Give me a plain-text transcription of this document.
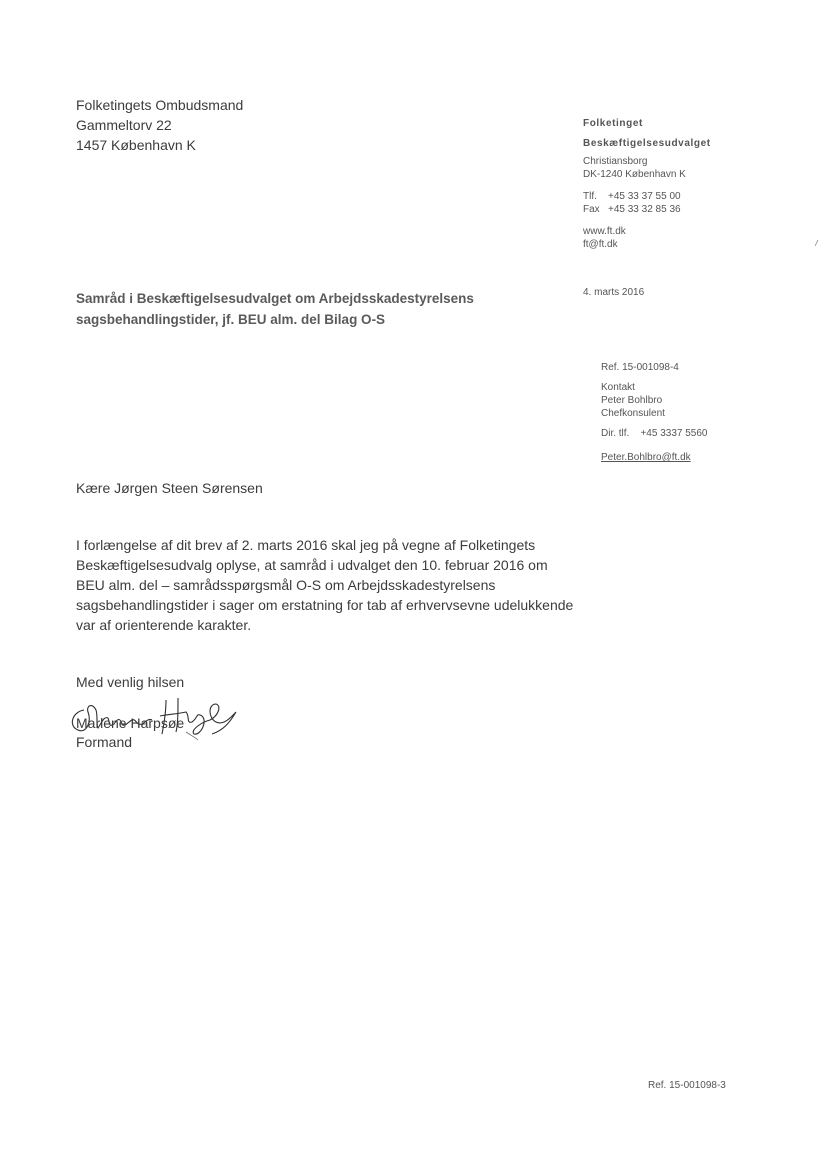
Folketingets Ombudsmand
Gammeltorv 22
1457 København K
Folketinget
Beskæftigelsesudvalget
Christiansborg
DK-1240 København K
Tlf.    +45 33 37 55 00
Fax   +45 33 32 85 36
www.ft.dk
ft@ft.dk
4. marts 2016
Ref. 15-001098-4
Kontakt
Peter Bohlbro
Chefkonsulent
Dir. tlf.    +45 3337 5560
Peter.Bohlbro@ft.dk
Samråd i Beskæftigelsesudvalget om Arbejdsskadestyrelsens sagsbehandlingstider, jf. BEU alm. del Bilag O-S
Kære Jørgen Steen Sørensen
I forlængelse af dit brev af 2. marts 2016 skal jeg på vegne af Folketingets Beskæftigelsesudvalg oplyse, at samråd i udvalget den 10. februar 2016 om BEU alm. del – samrådsspørgsmål O-S om Arbejdsskadestyrelsens sagsbehandlingstider i sager om erstatning for tab af erhvervsevne udelukkende var af orienterende karakter.
Med venlig hilsen
Marlene Harpsøe
Formand
Ref. 15-001098-3
